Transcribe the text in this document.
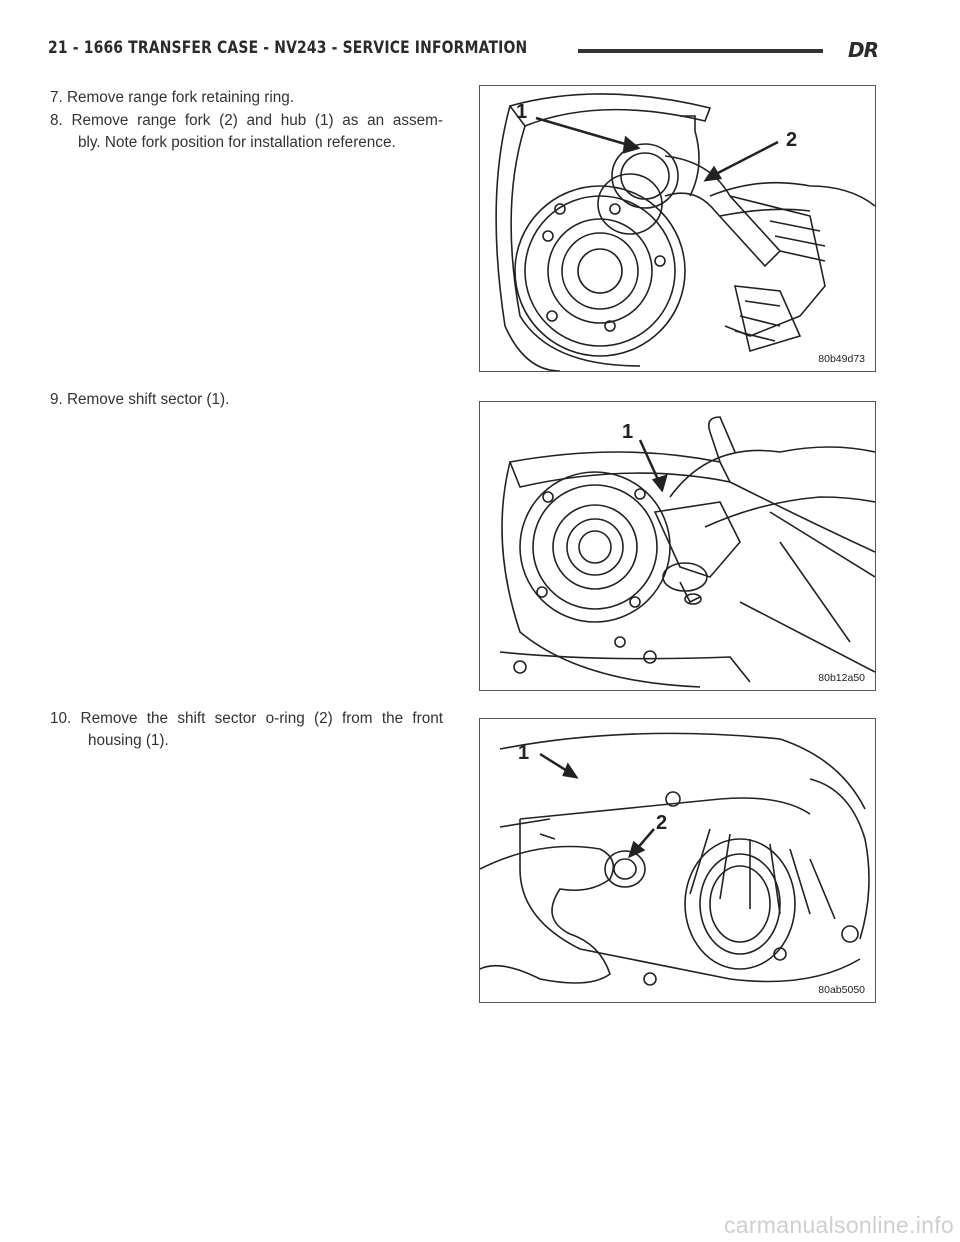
21 - 1666 TRANSFER CASE - NV243 - SERVICE INFORMATION	DR
7. Remove range fork retaining ring.
8. Remove range fork (2) and hub (1) as an assem-
bly. Note fork position for installation reference.
9. Remove shift sector (1).
10. Remove the shift sector o-ring (2) from the front
housing (1).
1
2
80b49d73
1
80b12a50
1
2
80ab5050
carmanualsonline.info
